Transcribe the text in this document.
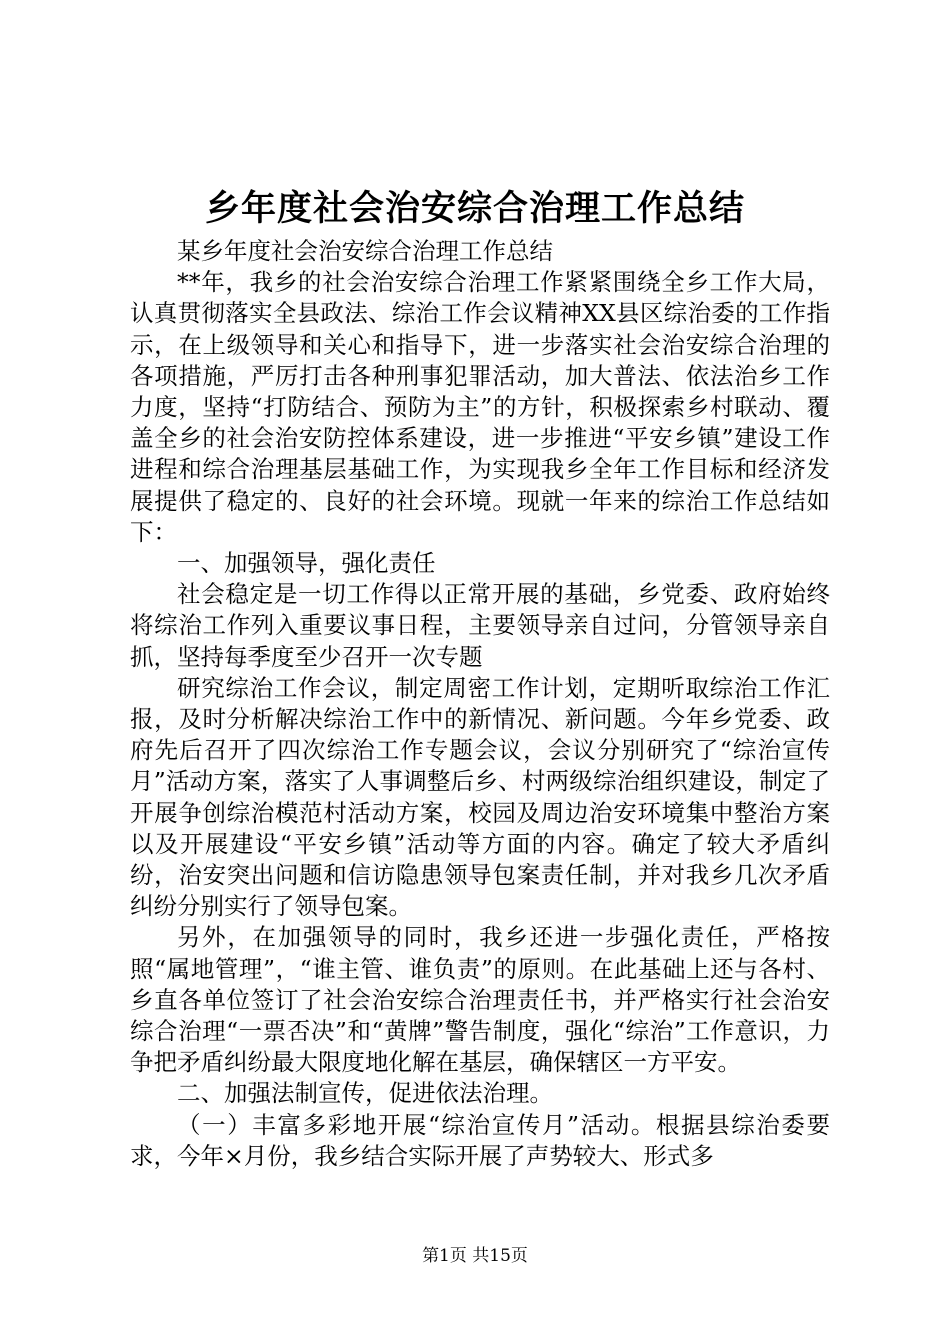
乡年度社会治安综合治理工作总结

某乡年度社会治安综合治理工作总结

**年，我乡的社会治安综合治理工作紧紧围绕全乡工作大局，认真贯彻落实全县政法、综治工作会议精神XX县区综治委的工作指示，在上级领导和关心和指导下，进一步落实社会治安综合治理的各项措施，严厉打击各种刑事犯罪活动，加大普法、依法治乡工作力度，坚持“打防结合、预防为主”的方针，积极探索乡村联动、覆盖全乡的社会治安防控体系建设，进一步推进“平安乡镇”建设工作进程和综合治理基层基础工作，为实现我乡全年工作目标和经济发展提供了稳定的、良好的社会环境。现就一年来的综治工作总结如下：

一、加强领导，强化责任

社会稳定是一切工作得以正常开展的基础，乡党委、政府始终将综治工作列入重要议事日程，主要领导亲自过问，分管领导亲自抓，坚持每季度至少召开一次专题

研究综治工作会议，制定周密工作计划，定期听取综治工作汇报，及时分析解决综治工作中的新情况、新问题。今年乡党委、政府先后召开了四次综治工作专题会议，会议分别研究了“综治宣传月”活动方案，落实了人事调整后乡、村两级综治组织建设，制定了开展争创综治模范村活动方案，校园及周边治安环境集中整治方案以及开展建设“平安乡镇”活动等方面的内容。确定了较大矛盾纠纷，治安突出问题和信访隐患领导包案责任制，并对我乡几次矛盾纠纷分别实行了领导包案。

另外，在加强领导的同时，我乡还进一步强化责任，严格按照“属地管理”，“谁主管、谁负责”的原则。在此基础上还与各村、乡直各单位签订了社会治安综合治理责任书，并严格实行社会治安综合治理“一票否决”和“黄牌”警告制度，强化“综治”工作意识，力争把矛盾纠纷最大限度地化解在基层，确保辖区一方平安。

二、加强法制宣传，促进依法治理。

（一）丰富多彩地开展“综治宣传月”活动。根据县综治委要求，今年×月份，我乡结合实际开展了声势较大、形式多

第1页 共15页
